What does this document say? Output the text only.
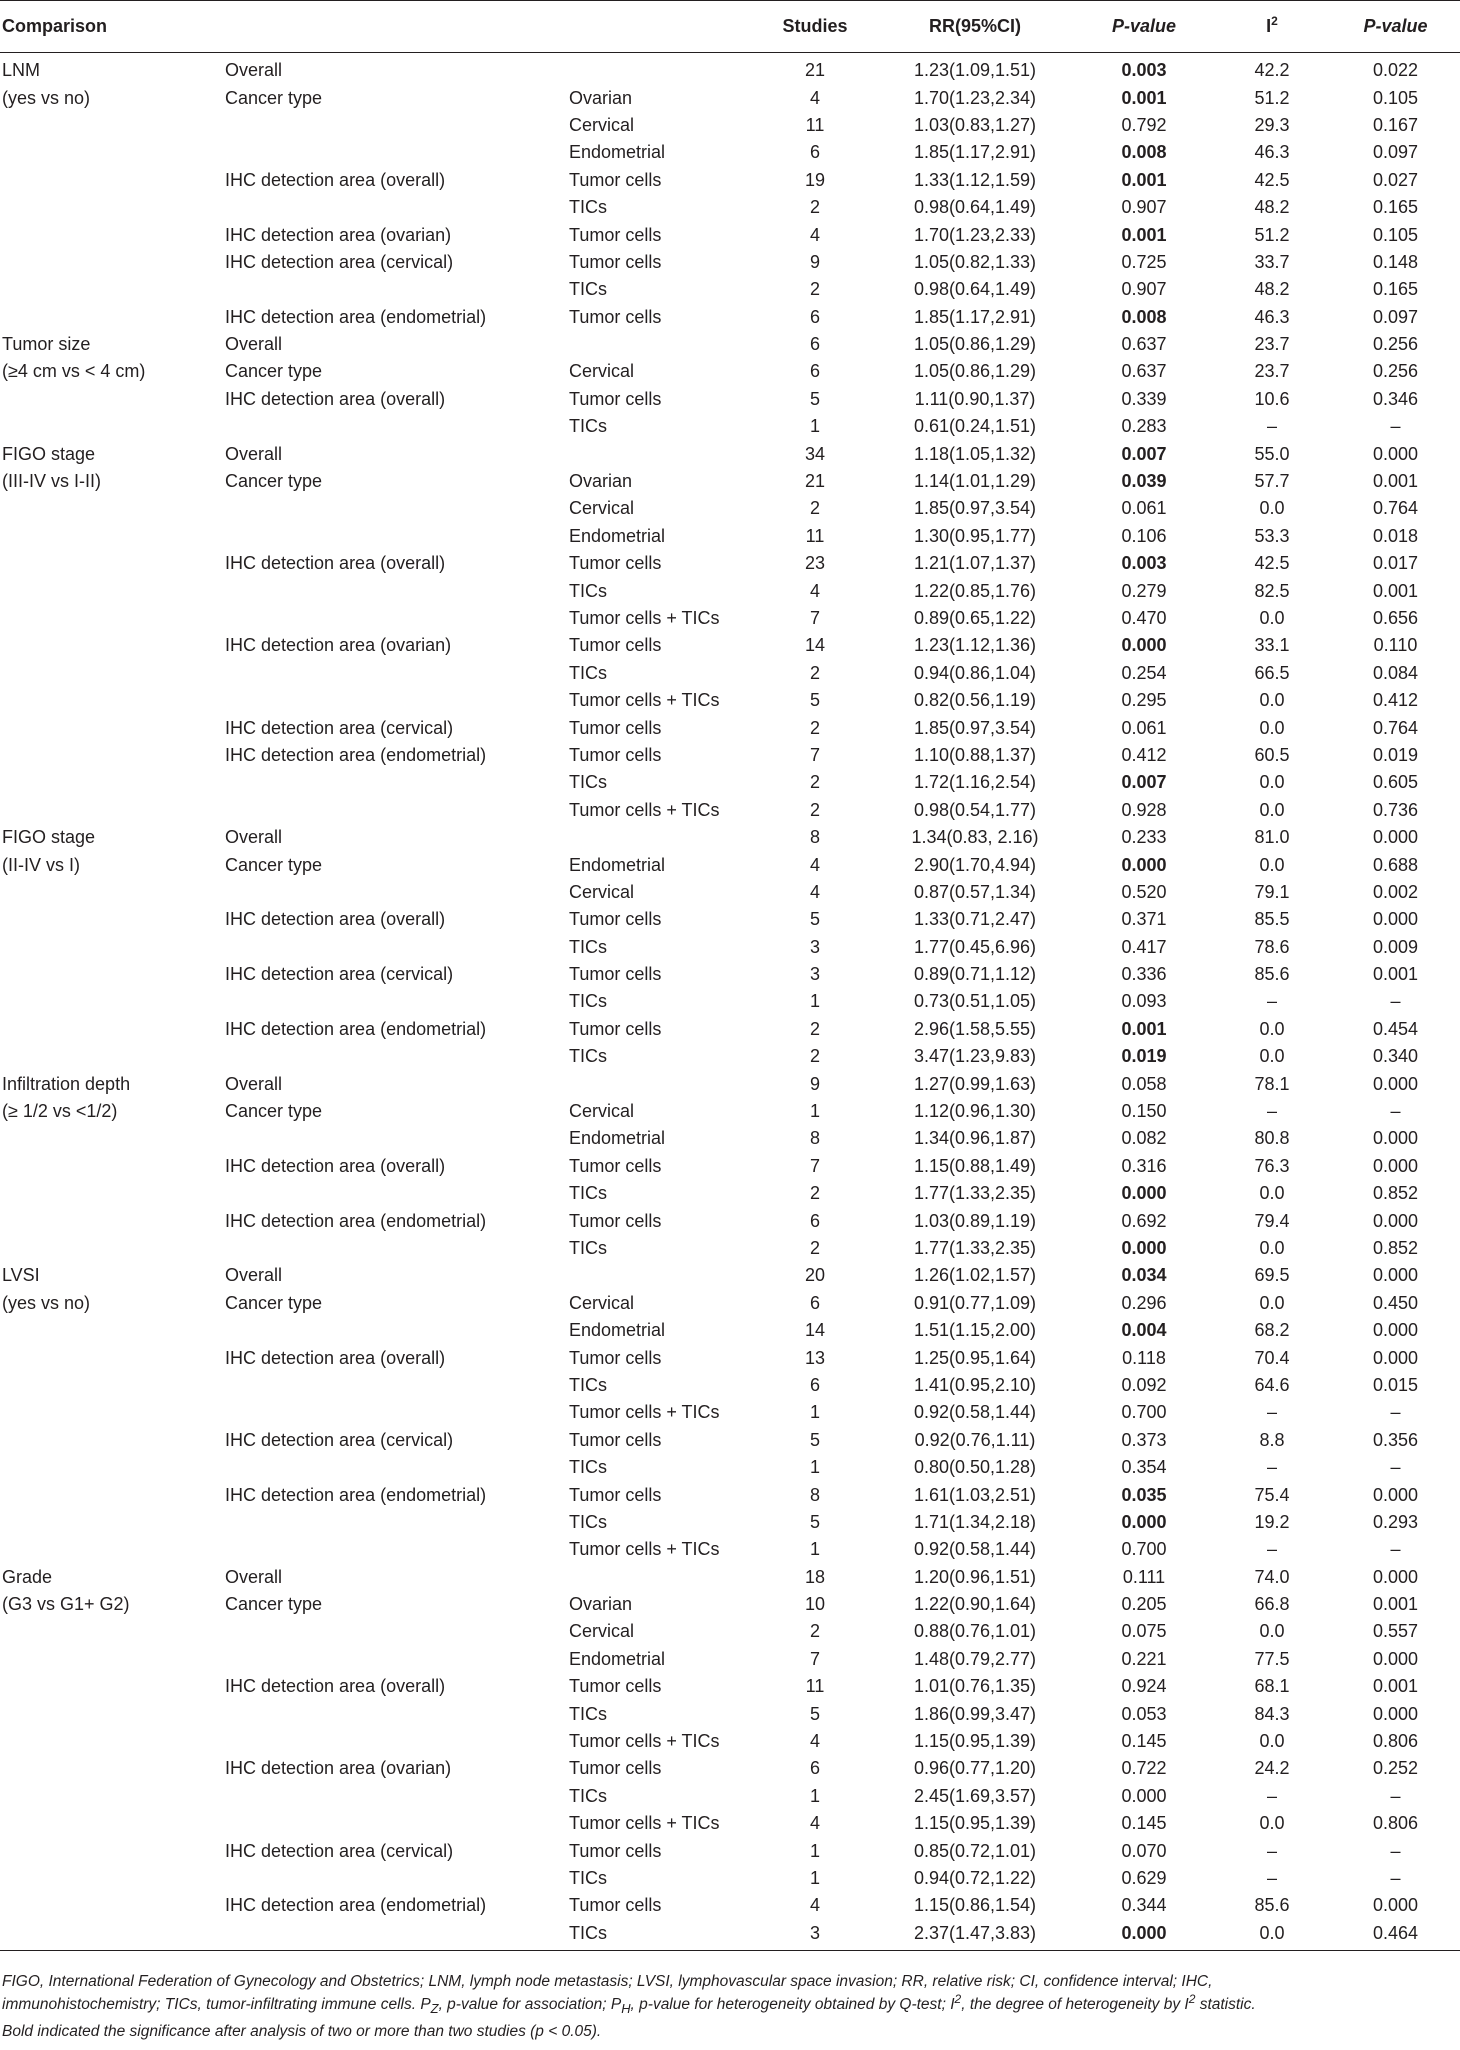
Comparison			Studies	RR(95%CI)	P-value	$I^2$	P-value
LNM	Overall		21	1.23(1.09,1.51)	0.003	42.2	0.022
(yes vs no)	Cancer type	Ovarian	4	1.70(1.23,2.34)	0.001	51.2	0.105
		Cervical	11	1.03(0.83,1.27)	0.792	29.3	0.167
		Endometrial	6	1.85(1.17,2.91)	0.008	46.3	0.097
	IHC detection area (overall)	Tumor cells	19	1.33(1.12,1.59)	0.001	42.5	0.027
		TICs	2	0.98(0.64,1.49)	0.907	48.2	0.165
	IHC detection area (ovarian)	Tumor cells	4	1.70(1.23,2.33)	0.001	51.2	0.105
	IHC detection area (cervical)	Tumor cells	9	1.05(0.82,1.33)	0.725	33.7	0.148
		TICs	2	0.98(0.64,1.49)	0.907	48.2	0.165
	IHC detection area (endometrial)	Tumor cells	6	1.85(1.17,2.91)	0.008	46.3	0.097
Tumor size	Overall		6	1.05(0.86,1.29)	0.637	23.7	0.256
(≥4 cm vs < 4 cm)	Cancer type	Cervical	6	1.05(0.86,1.29)	0.637	23.7	0.256
	IHC detection area (overall)	Tumor cells	5	1.11(0.90,1.37)	0.339	10.6	0.346
		TICs	1	0.61(0.24,1.51)	0.283	–	–
FIGO stage	Overall		34	1.18(1.05,1.32)	0.007	55.0	0.000
(III-IV vs I-II)	Cancer type	Ovarian	21	1.14(1.01,1.29)	0.039	57.7	0.001
		Cervical	2	1.85(0.97,3.54)	0.061	0.0	0.764
		Endometrial	11	1.30(0.95,1.77)	0.106	53.3	0.018
	IHC detection area (overall)	Tumor cells	23	1.21(1.07,1.37)	0.003	42.5	0.017
		TICs	4	1.22(0.85,1.76)	0.279	82.5	0.001
		Tumor cells + TICs	7	0.89(0.65,1.22)	0.470	0.0	0.656
	IHC detection area (ovarian)	Tumor cells	14	1.23(1.12,1.36)	0.000	33.1	0.110
		TICs	2	0.94(0.86,1.04)	0.254	66.5	0.084
		Tumor cells + TICs	5	0.82(0.56,1.19)	0.295	0.0	0.412
	IHC detection area (cervical)	Tumor cells	2	1.85(0.97,3.54)	0.061	0.0	0.764
	IHC detection area (endometrial)	Tumor cells	7	1.10(0.88,1.37)	0.412	60.5	0.019
		TICs	2	1.72(1.16,2.54)	0.007	0.0	0.605
		Tumor cells + TICs	2	0.98(0.54,1.77)	0.928	0.0	0.736
FIGO stage	Overall		8	1.34(0.83, 2.16)	0.233	81.0	0.000
(II-IV vs I)	Cancer type	Endometrial	4	2.90(1.70,4.94)	0.000	0.0	0.688
		Cervical	4	0.87(0.57,1.34)	0.520	79.1	0.002
	IHC detection area (overall)	Tumor cells	5	1.33(0.71,2.47)	0.371	85.5	0.000
		TICs	3	1.77(0.45,6.96)	0.417	78.6	0.009
	IHC detection area (cervical)	Tumor cells	3	0.89(0.71,1.12)	0.336	85.6	0.001
		TICs	1	0.73(0.51,1.05)	0.093	–	–
	IHC detection area (endometrial)	Tumor cells	2	2.96(1.58,5.55)	0.001	0.0	0.454
		TICs	2	3.47(1.23,9.83)	0.019	0.0	0.340
Infiltration depth	Overall		9	1.27(0.99,1.63)	0.058	78.1	0.000
(≥ 1/2 vs <1/2)	Cancer type	Cervical	1	1.12(0.96,1.30)	0.150	–	–
		Endometrial	8	1.34(0.96,1.87)	0.082	80.8	0.000
	IHC detection area (overall)	Tumor cells	7	1.15(0.88,1.49)	0.316	76.3	0.000
		TICs	2	1.77(1.33,2.35)	0.000	0.0	0.852
	IHC detection area (endometrial)	Tumor cells	6	1.03(0.89,1.19)	0.692	79.4	0.000
		TICs	2	1.77(1.33,2.35)	0.000	0.0	0.852
LVSI	Overall		20	1.26(1.02,1.57)	0.034	69.5	0.000
(yes vs no)	Cancer type	Cervical	6	0.91(0.77,1.09)	0.296	0.0	0.450
		Endometrial	14	1.51(1.15,2.00)	0.004	68.2	0.000
	IHC detection area (overall)	Tumor cells	13	1.25(0.95,1.64)	0.118	70.4	0.000
		TICs	6	1.41(0.95,2.10)	0.092	64.6	0.015
		Tumor cells + TICs	1	0.92(0.58,1.44)	0.700	–	–
	IHC detection area (cervical)	Tumor cells	5	0.92(0.76,1.11)	0.373	8.8	0.356
		TICs	1	0.80(0.50,1.28)	0.354	–	–
	IHC detection area (endometrial)	Tumor cells	8	1.61(1.03,2.51)	0.035	75.4	0.000
		TICs	5	1.71(1.34,2.18)	0.000	19.2	0.293
		Tumor cells + TICs	1	0.92(0.58,1.44)	0.700	–	–
Grade	Overall		18	1.20(0.96,1.51)	0.111	74.0	0.000
(G3 vs G1+ G2)	Cancer type	Ovarian	10	1.22(0.90,1.64)	0.205	66.8	0.001
		Cervical	2	0.88(0.76,1.01)	0.075	0.0	0.557
		Endometrial	7	1.48(0.79,2.77)	0.221	77.5	0.000
	IHC detection area (overall)	Tumor cells	11	1.01(0.76,1.35)	0.924	68.1	0.001
		TICs	5	1.86(0.99,3.47)	0.053	84.3	0.000
		Tumor cells + TICs	4	1.15(0.95,1.39)	0.145	0.0	0.806
	IHC detection area (ovarian)	Tumor cells	6	0.96(0.77,1.20)	0.722	24.2	0.252
		TICs	1	2.45(1.69,3.57)	0.000	–	–
		Tumor cells + TICs	4	1.15(0.95,1.39)	0.145	0.0	0.806
	IHC detection area (cervical)	Tumor cells	1	0.85(0.72,1.01)	0.070	–	–
		TICs	1	0.94(0.72,1.22)	0.629	–	–
	IHC detection area (endometrial)	Tumor cells	4	1.15(0.86,1.54)	0.344	85.6	0.000
		TICs	3	2.37(1.47,3.83)	0.000	0.0	0.464
FIGO, International Federation of Gynecology and Obstetrics; LNM, lymph node metastasis; LVSI, lymphovascular space invasion; RR, relative risk; CI, confidence interval; IHC,
immunohistochemistry; TICs, tumor-infiltrating immune cells. $P_Z$, p-value for association; $P_H$, p-value for heterogeneity obtained by Q-test; $I^2$, the degree of heterogeneity by $I^2$ statistic.
Bold indicated the significance after analysis of two or more than two studies (p < 0.05).
